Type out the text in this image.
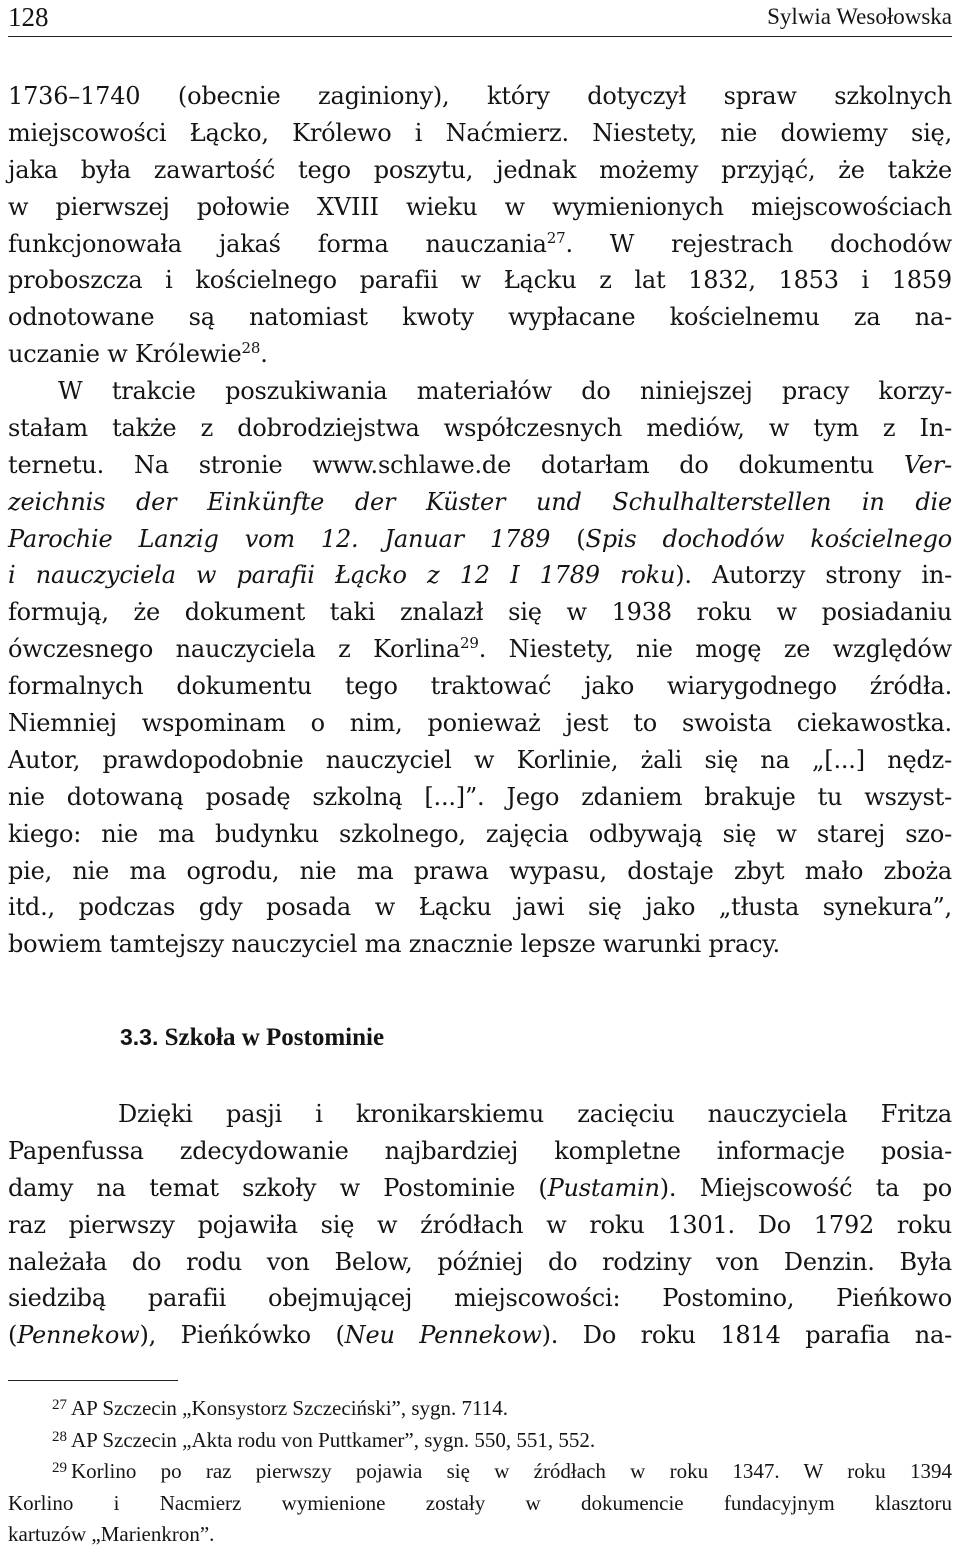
128	Sylwia Wesołowska
1736–1740 (obecnie zaginiony), który dotyczył spraw szkolnych
miejscowości Łącko, Królewo i Naćmierz. Niestety, nie dowiemy się,
jaka była zawartość tego poszytu, jednak możemy przyjąć, że także
w pierwszej połowie XVIII wieku w wymienionych miejscowościach
funkcjonowała jakaś forma nauczania$^{27}$. W rejestrach dochodów
proboszcza i kościelnego parafii w Łącku z lat 1832, 1853 i 1859
odnotowane są natomiast kwoty wypłacane kościelnemu za na-
uczanie w Królewie$^{28}$.
W trakcie poszukiwania materiałów do niniejszej pracy korzy-
stałam także z dobrodziejstwa współczesnych mediów, w tym z In-
ternetu. Na stronie www.schlawe.de dotarłam do dokumentu Ver-
zeichnis der Einkünfte der Küster und Schulhalterstellen in die
Parochie Lanzig vom 12. Januar 1789 (Spis dochodów kościelnego
i nauczyciela w parafii Łącko z 12 I 1789 roku). Autorzy strony in-
formują, że dokument taki znalazł się w 1938 roku w posiadaniu
ówczesnego nauczyciela z Korlina$^{29}$. Niestety, nie mogę ze względów
formalnych dokumentu tego traktować jako wiarygodnego źródła.
Niemniej wspominam o nim, ponieważ jest to swoista ciekawostka.
Autor, prawdopodobnie nauczyciel w Korlinie, żali się na „[...] nędz-
nie dotowaną posadę szkolną [...]”. Jego zdaniem brakuje tu wszyst-
kiego: nie ma budynku szkolnego, zajęcia odbywają się w starej szo-
pie, nie ma ogrodu, nie ma prawa wypasu, dostaje zbyt mało zboża
itd., podczas gdy posada w Łącku jawi się jako „tłusta synekura”,
bowiem tamtejszy nauczyciel ma znacznie lepsze warunki pracy.
3.3. Szkoła w Postominie
Dzięki pasji i kronikarskiemu zacięciu nauczyciela Fritza
Papenfussa zdecydowanie najbardziej kompletne informacje posia-
damy na temat szkoły w Postominie (Pustamin). Miejscowość ta po
raz pierwszy pojawiła się w źródłach w roku 1301. Do 1792 roku
należała do rodu von Below, później do rodziny von Denzin. Była
siedzibą parafii obejmującej miejscowości: Postomino, Pieńkowo
(Pennekow), Pieńkówko (Neu Pennekow). Do roku 1814 parafia na-
$^{27}$ AP Szczecin „Konsystorz Szczeciński”, sygn. 7114.
$^{28}$ AP Szczecin „Akta rodu von Puttkamer”, sygn. 550, 551, 552.
$^{29}$ Korlino po raz pierwszy pojawia się w źródłach w roku 1347. W roku 1394
Korlino i Nacmierz wymienione zostały w dokumencie fundacyjnym klasztoru
kartuzów „Marienkron”.
